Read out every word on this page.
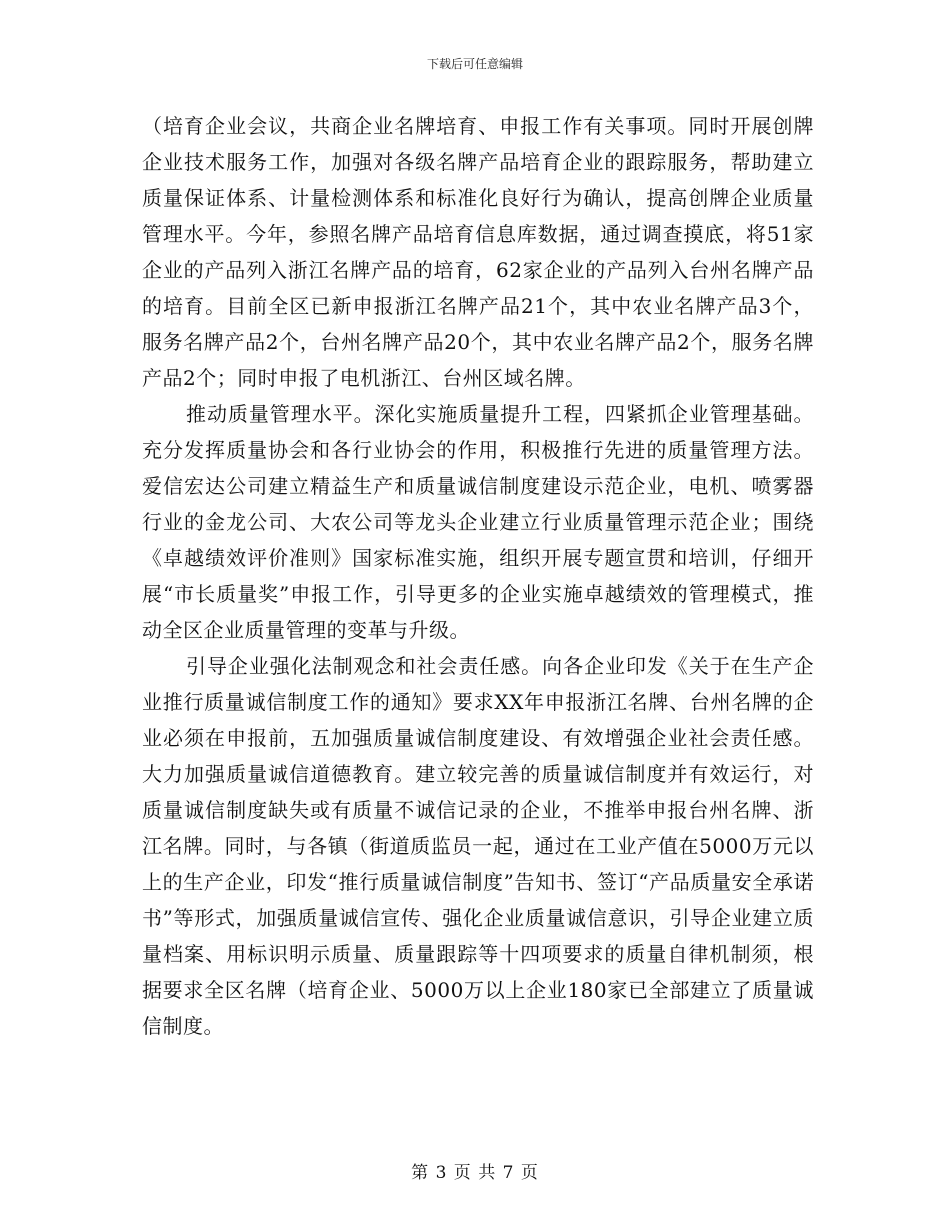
下载后可任意编辑

（培育企业会议，共商企业名牌培育、申报工作有关事项。同时开展创牌企业技术服务工作，加强对各级名牌产品培育企业的跟踪服务，帮助建立质量保证体系、计量检测体系和标准化良好行为确认，提高创牌企业质量管理水平。今年，参照名牌产品培育信息库数据，通过调查摸底，将51家企业的产品列入浙江名牌产品的培育，62家企业的产品列入台州名牌产品的培育。目前全区已新申报浙江名牌产品21个，其中农业名牌产品3个，服务名牌产品2个，台州名牌产品20个，其中农业名牌产品2个，服务名牌产品2个；同时申报了电机浙江、台州区域名牌。

推动质量管理水平。深化实施质量提升工程，四紧抓企业管理基础。充分发挥质量协会和各行业协会的作用，积极推行先进的质量管理方法。爱信宏达公司建立精益生产和质量诚信制度建设示范企业，电机、喷雾器行业的金龙公司、大农公司等龙头企业建立行业质量管理示范企业；围绕《卓越绩效评价准则》国家标准实施，组织开展专题宣贯和培训，仔细开展“市长质量奖”申报工作，引导更多的企业实施卓越绩效的管理模式，推动全区企业质量管理的变革与升级。

引导企业强化法制观念和社会责任感。向各企业印发《关于在生产企业推行质量诚信制度工作的通知》要求XX年申报浙江名牌、台州名牌的企业必须在申报前，五加强质量诚信制度建设、有效增强企业社会责任感。大力加强质量诚信道德教育。建立较完善的质量诚信制度并有效运行，对质量诚信制度缺失或有质量不诚信记录的企业，不推举申报台州名牌、浙江名牌。同时，与各镇（街道质监员一起，通过在工业产值在5000万元以上的生产企业，印发“推行质量诚信制度”告知书、签订“产品质量安全承诺书”等形式，加强质量诚信宣传、强化企业质量诚信意识，引导企业建立质量档案、用标识明示质量、质量跟踪等十四项要求的质量自律机制须，根据要求全区名牌（培育企业、5000万以上企业180家已全部建立了质量诚信制度。

第 3 页 共 7 页
